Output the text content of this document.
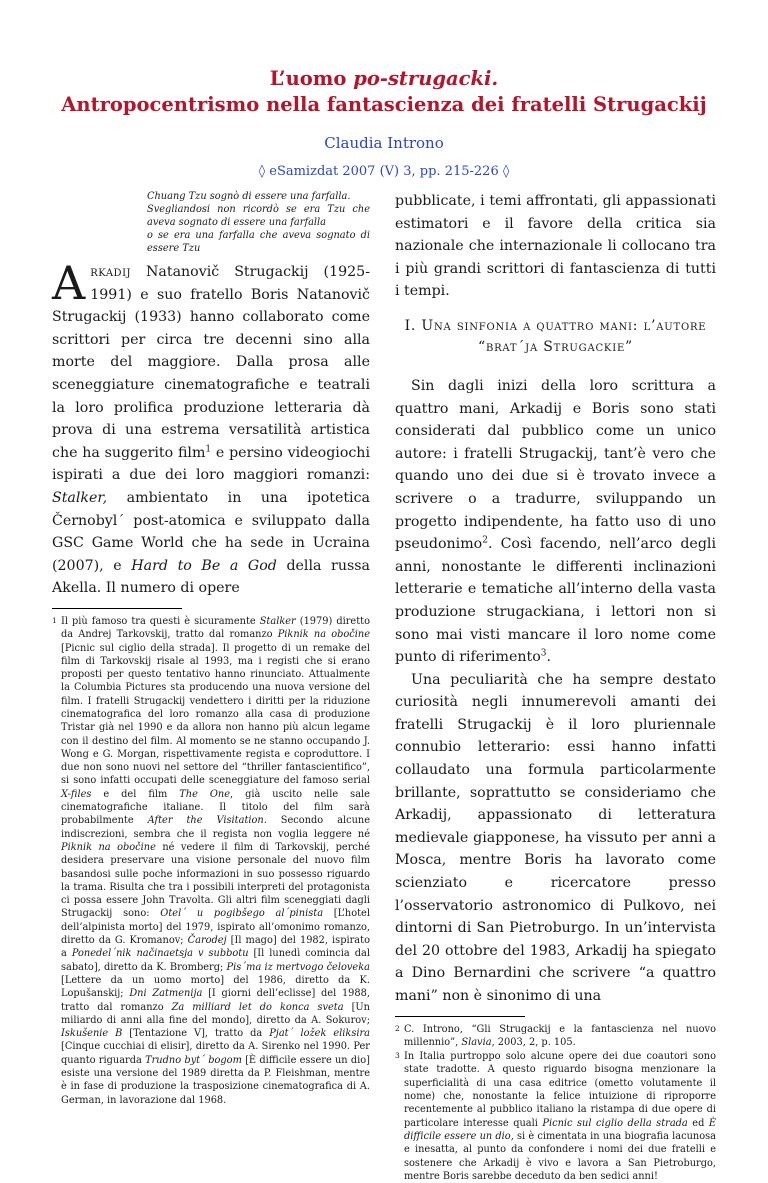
L’uomo po-strugacki.

Antropocentrismo nella fantascienza dei fratelli Strugackij

Claudia Introno
◊ eSamizdat 2007 (V) 3, pp. 215-226 ◊
Chuang Tzu sognò di essere una farfalla.
Svegliandosi non ricordò se era Tzu che aveva sognato di essere una farfalla
o se era una farfalla che aveva sognato di essere Tzu

Arkadij Natanovič Strugackij (1925-1991) e suo fratello Boris Natanovič Strugackij (1933) hanno collaborato come scrittori per circa tre decenni sino alla morte del maggiore. Dalla prosa alle sceneggiature cinematografiche e teatrali la loro prolifica produzione letteraria dà prova di una estrema versatilità artistica che ha suggerito film$^1$ e persino videogiochi ispirati a due dei loro maggiori romanzi: Stalker, ambientato in una ipotetica Černobyl´ post-atomica e sviluppato dalla GSC Game World che ha sede in Ucraina (2007), e Hard to Be a God della russa Akella. Il numero di opere

1 Il più famoso tra questi è sicuramente Stalker (1979) diretto da Andrej Tarkovskij, tratto dal romanzo Piknik na obočine [Picnic sul ciglio della strada]. Il progetto di un remake del film di Tarkovskij risale al 1993, ma i registi che si erano proposti per questo tentativo hanno rinunciato. Attualmente la Columbia Pictures sta producendo una nuova versione del film. I fratelli Strugackij vendettero i diritti per la riduzione cinematografica del loro romanzo alla casa di produzione Tristar già nel 1990 e da allora non hanno più alcun legame con il destino del film. Al momento se ne stanno occupando J. Wong e G. Morgan, rispettivamente regista e coproduttore. I due non sono nuovi nel settore del “thriller fantascientifico”, si sono infatti occupati delle sceneggiature del famoso serial X-files e del film The One, già uscito nelle sale cinematografiche italiane. Il titolo del film sarà probabilmente After the Visitation. Secondo alcune indiscrezioni, sembra che il regista non voglia leggere né Piknik na obočine né vedere il film di Tarkovskij, perché desidera preservare una visione personale del nuovo film basandosi sulle poche informazioni in suo possesso riguardo la trama. Risulta che tra i possibili interpreti del protagonista ci possa essere John Travolta. Gli altri film sceneggiati dagli Strugackij sono: Otel´ u pogibšego al´pinista [L’hotel dell’alpinista morto] del 1979, ispirato all’omonimo romanzo, diretto da G. Kromanov; Čarodej [Il mago] del 1982, ispirato a Ponedel´nik načinaetsja v subbotu [Il lunedì comincia dal sabato], diretto da K. Bromberg; Pis´ma iz mertvogo čeloveka [Lettere da un uomo morto] del 1986, diretto da K. Lopušanskij; Dni Zatmenija [I giorni dell’eclisse] del 1988, tratto dal romanzo Za milliard let do konca sveta [Un miliardo di anni alla fine del mondo], diretto da A. Sokurov; Iskušenie B [Tentazione V], tratto da Pjat´ ložek eliksira [Cinque cucchiai di elisir], diretto da A. Sirenko nel 1990. Per quanto riguarda Trudno byt´ bogom [È difficile essere un dio] esiste una versione del 1989 diretta da P. Fleishman, mentre è in fase di produzione la trasposizione cinematografica di A. German, in lavorazione dal 1968.

pubblicate, i temi affrontati, gli appassionati estimatori e il favore della critica sia nazionale che internazionale li collocano tra i più grandi scrittori di fantascienza di tutti i tempi.

I. Una sinfonia a quattro mani: l’autore
“brat´ja Strugackie”

Sin dagli inizi della loro scrittura a quattro mani, Arkadij e Boris sono stati considerati dal pubblico come un unico autore: i fratelli Strugackij, tant’è vero che quando uno dei due si è trovato invece a scrivere o a tradurre, sviluppando un progetto indipendente, ha fatto uso di uno pseudonimo$^2$. Così facendo, nell’arco degli anni, nonostante le differenti inclinazioni letterarie e tematiche all’interno della vasta produzione strugackiana, i lettori non si sono mai visti mancare il loro nome come punto di riferimento$^3$.

Una peculiarità che ha sempre destato curiosità negli innumerevoli amanti dei fratelli Strugackij è il loro pluriennale connubio letterario: essi hanno infatti collaudato una formula particolarmente brillante, soprattutto se consideriamo che Arkadij, appassionato di letteratura medievale giapponese, ha vissuto per anni a Mosca, mentre Boris ha lavorato come scienziato e ricercatore presso l’osservatorio astronomico di Pulkovo, nei dintorni di San Pietroburgo. In un’intervista del 20 ottobre del 1983, Arkadij ha spiegato a Dino Bernardini che scrivere “a quattro mani” non è sinonimo di una

2 C. Introno, “Gli Strugackij e la fantascienza nel nuovo millennio”, Slavia, 2003, 2, p. 105.
3 In Italia purtroppo solo alcune opere dei due coautori sono state tradotte. A questo riguardo bisogna menzionare la superficialità di una casa editrice (ometto volutamente il nome) che, nonostante la felice intuizione di riproporre recentemente al pubblico italiano la ristampa di due opere di particolare interesse quali Picnic sul ciglio della strada ed È difficile essere un dio, si è cimentata in una biografia lacunosa e inesatta, al punto da confondere i nomi dei due fratelli e sostenere che Arkadij è vivo e lavora a San Pietroburgo, mentre Boris sarebbe deceduto da ben sedici anni!
